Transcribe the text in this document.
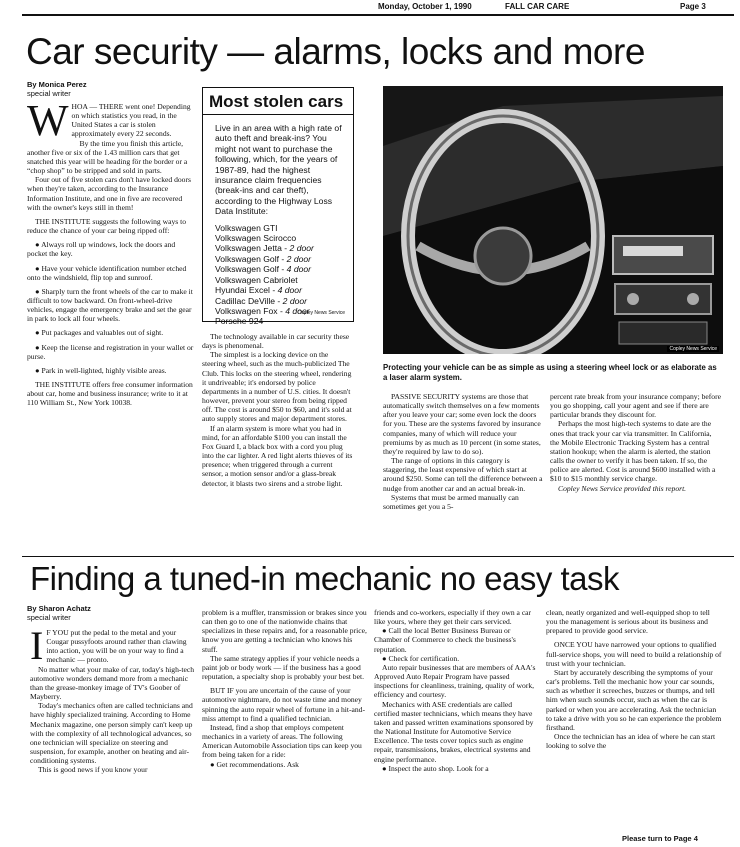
Monday, October 1, 1990	FALL CAR CARE	Page 3
Car security — alarms, locks and more
By Monica Perez
special writer

WHOA — THERE went one! Depending on which statistics you read, in the United States a car is stolen approximately every 22 seconds.

By the time you finish this article, another five or six of the 1.43 million cars that get snatched this year will be heading för the border or a “chop shop” to be stripped and sold in parts.

Four out of five stolen cars don't have locked doors when they're taken, according to the Insurance Information Institute, and one in five are recovered with the owner's keys still in them!

THE INSTITUTE suggests the following ways to reduce the chance of your car being ripped off:

● Always roll up windows, lock the doors and pocket the key.

● Have your vehicle identification number etched onto the windshield, flip top and sunroof.

● Sharply turn the front wheels of the car to make it difficult to tow backward. On front-wheel-drive vehicles, engage the emergency brake and set the gear in park to lock all four wheels.

● Put packages and valuables out of sight.

● Keep the license and registration in your wallet or purse.

● Park in well-lighted, highly visible areas.

THE INSTITUTE offers free consumer information about car, home and business insurance; write to it at 110 William St., New York 10038.

Most stolen cars
Live in an area with a high rate of auto theft and break-ins? You might not want to purchase the following, which, for the years of 1987-89, had the highest insurance claim frequencies (break-ins and car theft), according to the Highway Loss Data Institute:
Volkswagen GTI
Volkswagen Scirocco
Volkswagen Jetta - 2 door
Volkswagen Golf - 2 door
Volkswagen Golf - 4 door
Volkswagen Cabriolet
Hyundai Excel - 4 door
Cadillac DeVille - 2 door
Volkswagen Fox - 4 door
Porsche 924
Copley News Service
Copley News Service
Protecting your vehicle can be as simple as using a steering wheel lock or as elaborate as a laser alarm system.

The technology available in car security these days is phenomenal.

The simplest is a locking device on the steering wheel, such as the much-publicized The Club. This locks on the steering wheel, rendering it undriveable; it's endorsed by police departments in a number of U.S. cities. It doesn't however, prevent your stereo from being ripped off. The cost is around $50 to $60, and it's sold at auto supply stores and major department stores.

If an alarm system is more what you had in mind, for an affordable $100 you can install the Fox Guard I, a black box with a cord you plug into the car lighter. A red light alerts thieves of its presence; when triggered through a current sensor, a motion sensor and/or a glass-break detector, it blasts two sirens and a strobe light.

PASSIVE SECURITY systems are those that automatically switch themselves on a few moments after you leave your car; some even lock the doors for you. These are the systems favored by insurance companies, many of which will reduce your premiums by as much as 10 percent (in some states, they're required by law to do so).

The range of options in this category is staggering, the least expensive of which start at around $250. Some can tell the difference between a nudge from another car and an actual break-in.

Systems that must be armed manually can sometimes get you a 5-

percent rate break from your insurance company; before you go shopping, call your agent and see if there are particular brands they discount for.

Perhaps the most high-tech systems to date are the ones that track your car via transmitter. In California, the Mobile Electronic Tracking System has a central station hookup; when the alarm is alerted, the station calls the owner to verify it has been taken. If so, the police are alerted. Cost is around $600 installed with a $10 to $15 monthly service charge.

Copley News Service provided this report.

Finding a tuned-in mechanic no easy task
By Sharon Achatz
special writer

I F YOU put the pedal to the metal and your Cougar pussyfoots around rather than clawing into action, you will be on your way to find a mechanic — pronto.

No matter what your make of car, today's high-tech automotive wonders demand more from a mechanic than the grease-monkey image of TV's Goober of Mayberry.

Today's mechanics often are called technicians and have highly specialized training. According to Home Mechanix magazine, one person simply can't keep up with the complexity of all technological advances, so one technician will specialize on steering and suspension, for example, another on heating and air-conditioning systems.

This is good news if you know your

problem is a muffler, transmission or brakes since you can then go to one of the nationwide chains that specializes in these repairs and, for a reasonable price, know you are getting a technician who knows his stuff.

The same strategy applies if your vehicle needs a paint job or body work — if the business has a good reputation, a specialty shop is probably your best bet.

BUT IF you are uncertain of the cause of your automotive nightmare, do not waste time and money spinning the auto repair wheel of fortune in a hit-and-miss attempt to find a qualified technician.

Instead, find a shop that employs competent mechanics in a variety of areas. The following American Automobile Association tips can keep you from being taken for a ride:

● Get recommendations. Ask

friends and co-workers, especially if they own a car like yours, where they get their cars serviced.

● Call the local Better Business Bureau or Chamber of Commerce to check the business's reputation.

● Check for certification.

Auto repair businesses that are members of AAA's Approved Auto Repair Program have passed inspections for cleanliness, training, quality of work, efficiency and courtesy.

Mechanics with ASE credentials are called certified master technicians, which means they have taken and passed written examinations sponsored by the National Institute for Automotive Service Excellence. The tests cover topics such as engine repair, transmissions, brakes, electrical systems and engine performance.

● Inspect the auto shop. Look for a

clean, neatly organized and well-equipped shop to tell you the management is serious about its business and prepared to provide good service.

ONCE YOU have narrowed your options to qualified full-service shops, you will need to build a relationship of trust with your technician.

Start by accurately describing the symptoms of your car's problems. Tell the mechanic how your car sounds, such as whether it screeches, buzzes or thumps, and tell him when such sounds occur, such as when the car is parked or when you are accelerating. Ask the technician to take a drive with you so he can experience the problem firsthand.

Once the technician has an idea of where he can start looking to solve the

Please turn to Page 4
